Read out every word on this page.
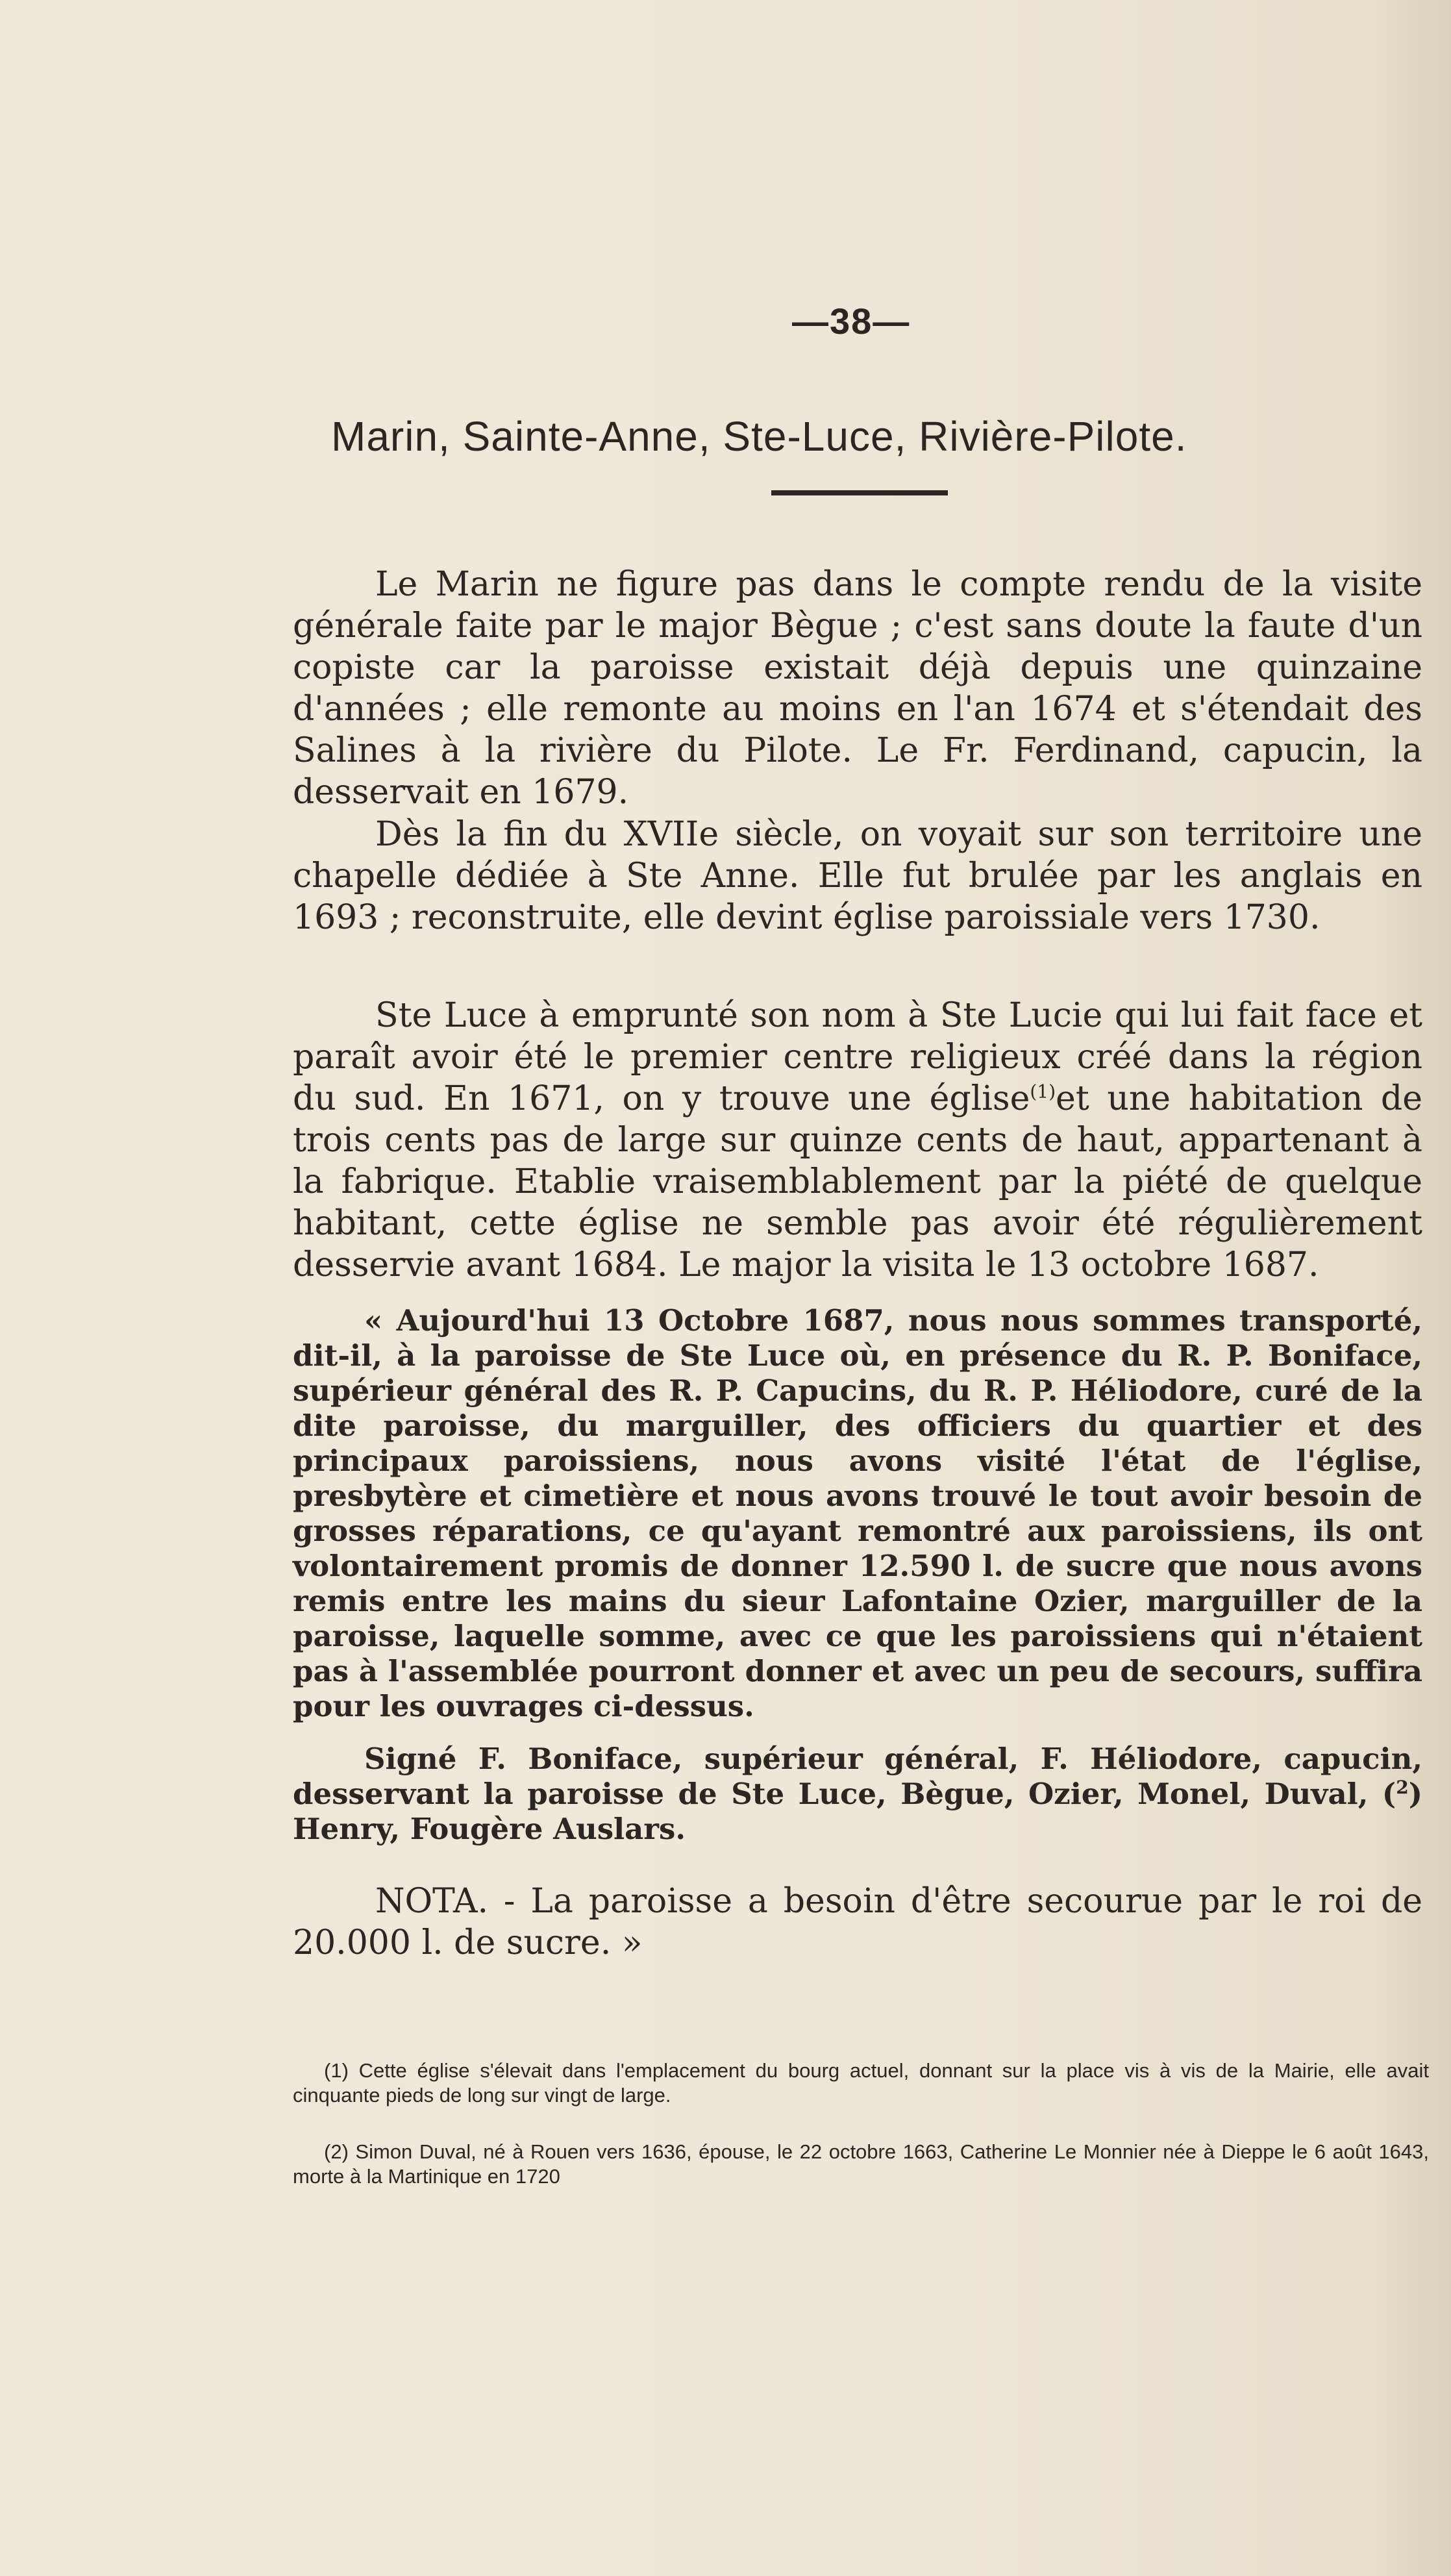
—38—
Marin, Sainte-Anne, Ste-Luce, Rivière-Pilote.

Le Marin ne figure pas dans le compte rendu de la visite générale faite par le major Bègue ; c'est sans doute la faute d'un copiste car la paroisse existait déjà depuis une quinzaine d'années ; elle remonte au moins en l'an 1674 et s'étendait des Salines à la rivière du Pilote. Le Fr. Ferdinand, capucin, la desservait en 1679.

Dès la fin du XVIIe siècle, on voyait sur son territoire une chapelle dédiée à Ste Anne. Elle fut brulée par les anglais en 1693 ; reconstruite, elle devint église paroissiale vers 1730.

Ste Luce à emprunté son nom à Ste Lucie qui lui fait face et paraît avoir été le premier centre religieux créé dans la région du sud. En 1671, on y trouve une église$^{(1)}$et une habitation de trois cents pas de large sur quinze cents de haut, appartenant à la fabrique. Etablie vraisemblablement par la piété de quelque habitant, cette église ne semble pas avoir été régulièrement desservie avant 1684. Le major la visita le 13 octobre 1687.

« Aujourd'hui 13 Octobre 1687, nous nous sommes transporté, dit-il, à la paroisse de Ste Luce où, en présence du R. P. Boniface, supérieur général des R. P. Capucins, du R. P. Héliodore, curé de la dite paroisse, du marguiller, des officiers du quartier et des principaux paroissiens, nous avons visité l'état de l'église, presbytère et cimetière et nous avons trouvé le tout avoir besoin de grosses réparations, ce qu'ayant remontré aux paroissiens, ils ont volontairement promis de donner 12.590 l. de sucre que nous avons remis entre les mains du sieur Lafontaine Ozier, marguiller de la paroisse, laquelle somme, avec ce que les paroissiens qui n'étaient pas à l'assemblée pourront donner et avec un peu de secours, suffira pour les ouvrages ci-dessus.

Signé F. Boniface, supérieur général, F. Héliodore, capucin, desservant la paroisse de Ste Luce, Bègue, Ozier, Monel, Duval, ($^2$) Henry, Fougère Auslars.

NOTA. - La paroisse a besoin d'être secourue par le roi de 20.000 l. de sucre. »

(1) Cette église s'élevait dans l'emplacement du bourg actuel, donnant sur la place vis à vis de la Mairie, elle avait cinquante pieds de long sur vingt de large.

(2) Simon Duval, né à Rouen vers 1636, épouse, le 22 octobre 1663, Catherine Le Monnier née à Dieppe le 6 août 1643, morte à la Martinique en 1720
